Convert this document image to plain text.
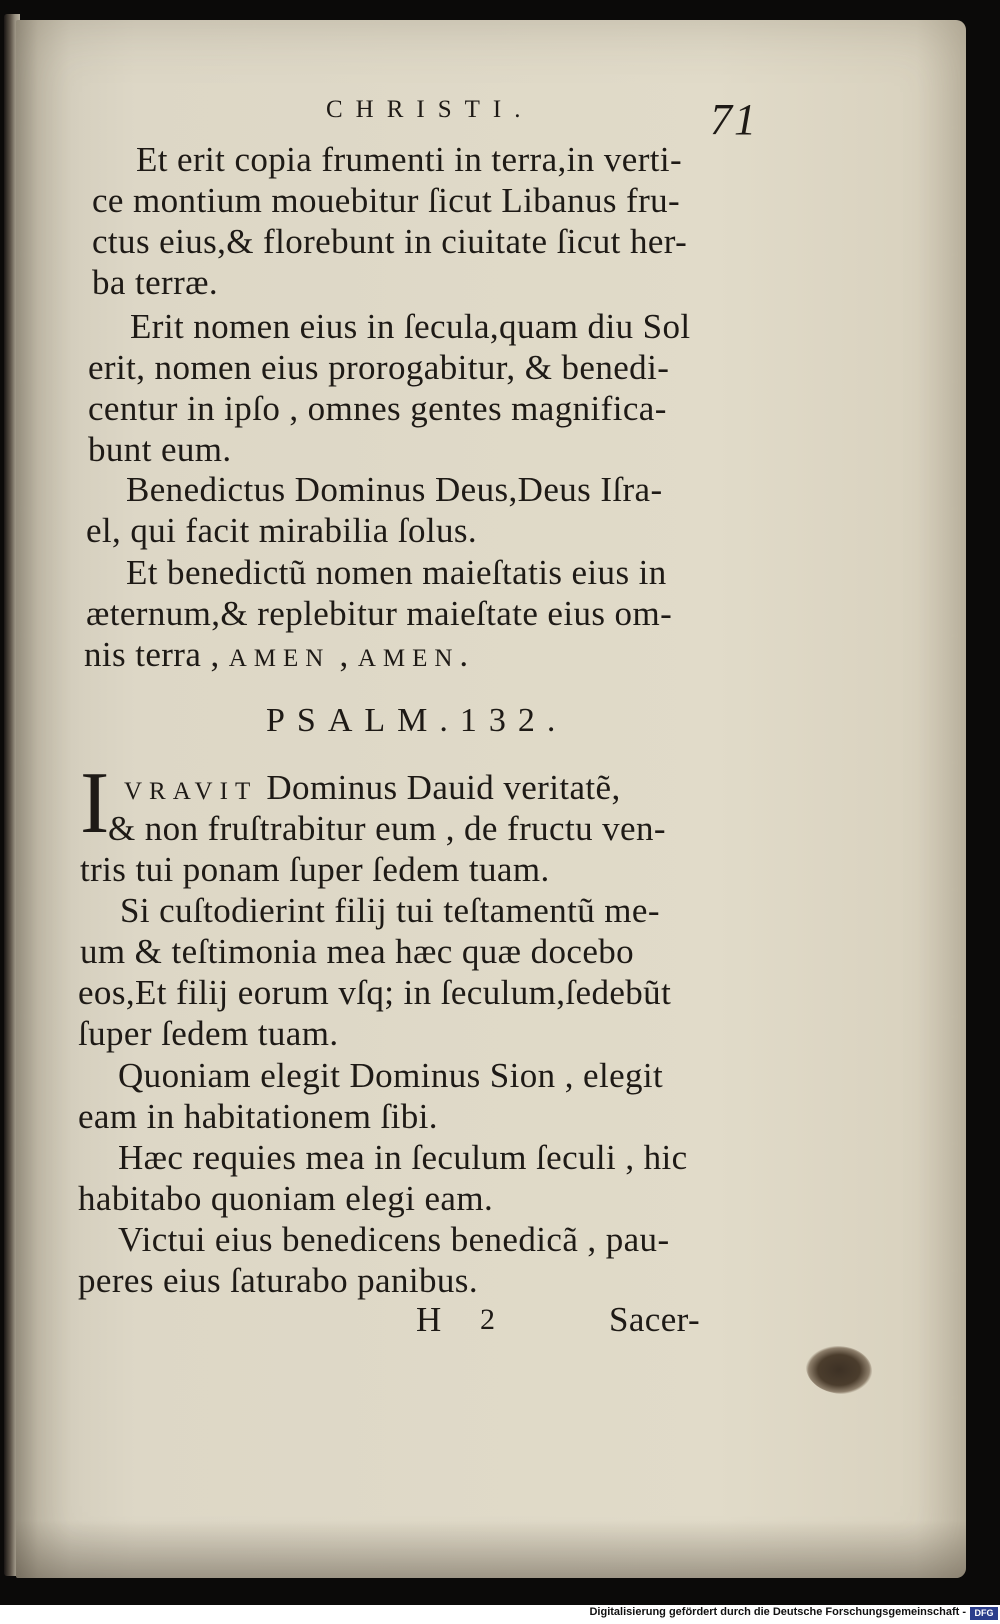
CHRISTI.	71
Et erit copia frumenti in terra,in verti-
ce montium mouebitur ſicut Libanus fru-
ctus eius,& florebunt in ciuitate ſicut her-
ba terræ.
Erit nomen eius in ſecula,quam diu Sol
erit, nomen eius prorogabitur, & benedi-
centur in ipſo , omnes gentes magnifica-
bunt eum.
Benedictus Dominus Deus,Deus Iſra-
el, qui facit mirabilia ſolus.
Et benedictũ nomen maieſtatis eius in
æternum,& replebitur maieſtate eius om-
nis terra , AMEN , AMEN.
PSALM.132.
I VRAVIT Dominus Dauid veritatẽ,
& non fruſtrabitur eum , de fructu ven-
tris tui ponam ſuper ſedem tuam.
Si cuſtodierint filij tui teſtamentũ me-
um & teſtimonia mea hæc quæ docebo
eos,Et filij eorum vſq; in ſeculum,ſedebũt
ſuper ſedem tuam.
Quoniam elegit Dominus Sion , elegit
eam in habitationem ſibi.
Hæc requies mea in ſeculum ſeculi , hic
habitabo quoniam elegi eam.
Victui eius benedicens benedicã , pau-
peres eius ſaturabo panibus.
H 2	Sacer-
Digitalisierung gefördert durch die Deutsche Forschungsgemeinschaft - DFG
